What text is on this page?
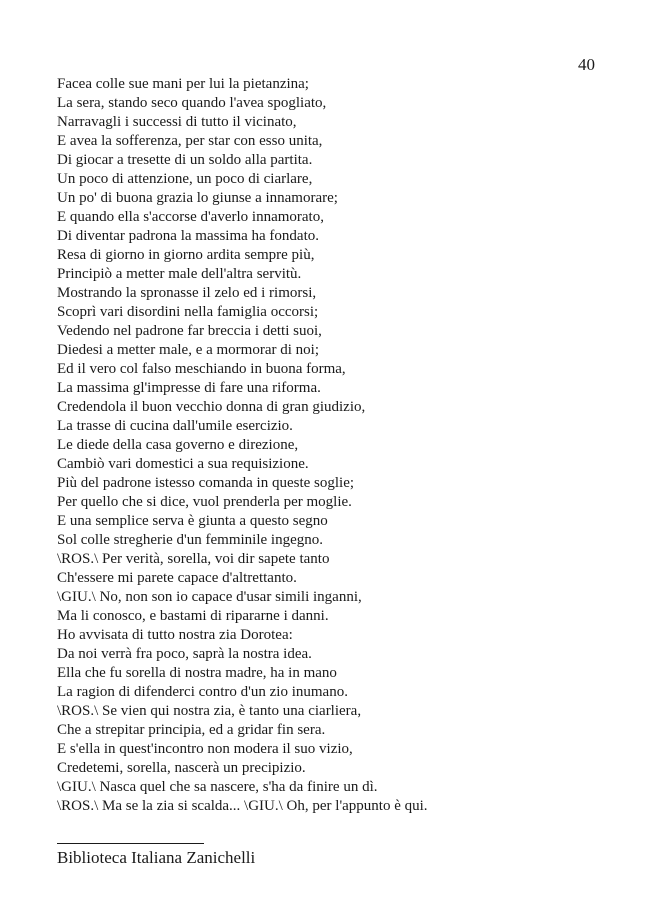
40
Facea colle sue mani per lui la pietanzina;
La sera, stando seco quando l'avea spogliato,
Narravagli i successi di tutto il vicinato,
E avea la sofferenza, per star con esso unita,
Di giocar a tresette di un soldo alla partita.
Un poco di attenzione, un poco di ciarlare,
Un po' di buona grazia lo giunse a innamorare;
E quando ella s'accorse d'averlo innamorato,
Di diventar padrona la massima ha fondato.
Resa di giorno in giorno ardita sempre più,
Principiò a metter male dell'altra servitù.
Mostrando la spronasse il zelo ed i rimorsi,
Scoprì vari disordini nella famiglia occorsi;
Vedendo nel padrone far breccia i detti suoi,
Diedesi a metter male, e a mormorar di noi;
Ed il vero col falso meschiando in buona forma,
La massima gl'impresse di fare una riforma.
Credendola il buon vecchio donna di gran giudizio,
La trasse di cucina dall'umile esercizio.
Le diede della casa governo e direzione,
Cambiò vari domestici a sua requisizione.
Più del padrone istesso comanda in queste soglie;
Per quello che si dice, vuol prenderla per moglie.
E una semplice serva è giunta a questo segno
Sol colle stregherie d'un femminile ingegno.
\ROS.\ Per verità, sorella, voi dir sapete tanto
Ch'essere mi parete capace d'altrettanto.
\GIU.\ No, non son io capace d'usar simili inganni,
Ma li conosco, e bastami di ripararne i danni.
Ho avvisata di tutto nostra zia Dorotea:
Da noi verrà fra poco, saprà la nostra idea.
Ella che fu sorella di nostra madre, ha in mano
La ragion di difenderci contro d'un zio inumano.
\ROS.\ Se vien qui nostra zia, è tanto una ciarliera,
Che a strepitar principia, ed a gridar fin sera.
E s'ella in quest'incontro non modera il suo vizio,
Credetemi, sorella, nascerà un precipizio.
\GIU.\ Nasca quel che sa nascere, s'ha da finire un dì.
\ROS.\ Ma se la zia si scalda... \GIU.\ Oh, per l'appunto è qui.
Biblioteca Italiana Zanichelli
